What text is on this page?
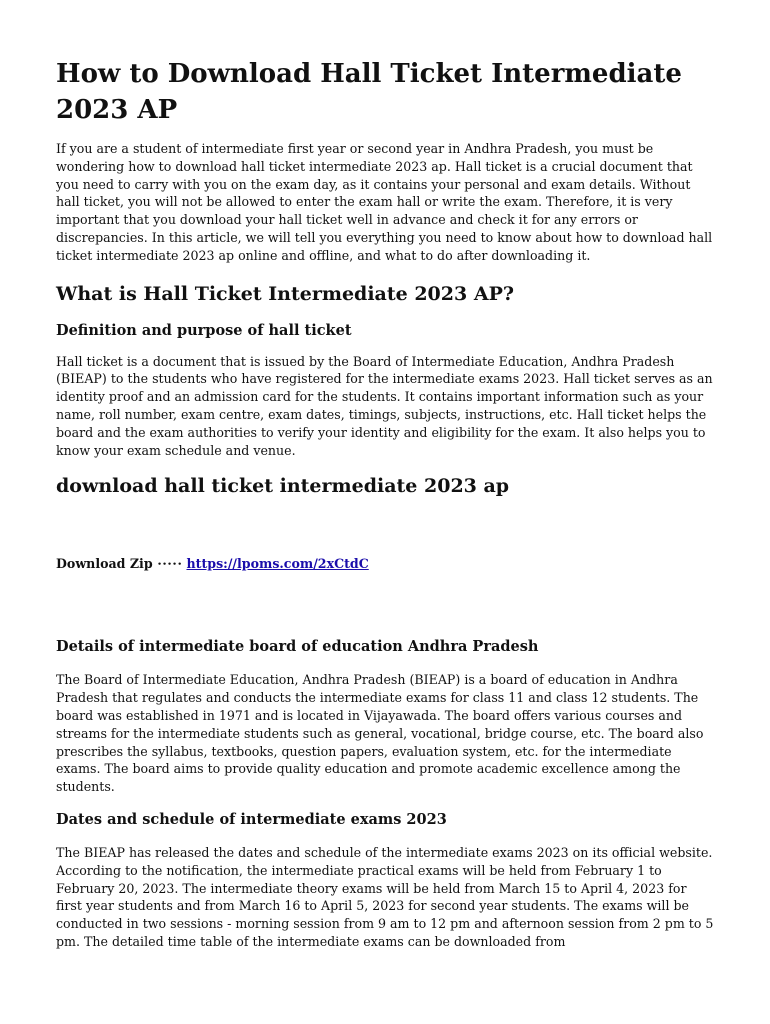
How to Download Hall Ticket Intermediate 2023 AP

If you are a student of intermediate first year or second year in Andhra Pradesh, you must be wondering how to download hall ticket intermediate 2023 ap. Hall ticket is a crucial document that you need to carry with you on the exam day, as it contains your personal and exam details. Without hall ticket, you will not be allowed to enter the exam hall or write the exam. Therefore, it is very important that you download your hall ticket well in advance and check it for any errors or discrepancies. In this article, we will tell you everything you need to know about how to download hall ticket intermediate 2023 ap online and offline, and what to do after downloading it.

What is Hall Ticket Intermediate 2023 AP?
Definition and purpose of hall ticket

Hall ticket is a document that is issued by the Board of Intermediate Education, Andhra Pradesh (BIEAP) to the students who have registered for the intermediate exams 2023. Hall ticket serves as an identity proof and an admission card for the students. It contains important information such as your name, roll number, exam centre, exam dates, timings, subjects, instructions, etc. Hall ticket helps the board and the exam authorities to verify your identity and eligibility for the exam. It also helps you to know your exam schedule and venue.

download hall ticket intermediate 2023 ap
Download Zip ⋅⋅⋅⋅⋅ https://lpoms.com/2xCtdC
Details of intermediate board of education Andhra Pradesh

The Board of Intermediate Education, Andhra Pradesh (BIEAP) is a board of education in Andhra Pradesh that regulates and conducts the intermediate exams for class 11 and class 12 students. The board was established in 1971 and is located in Vijayawada. The board offers various courses and streams for the intermediate students such as general, vocational, bridge course, etc. The board also prescribes the syllabus, textbooks, question papers, evaluation system, etc. for the intermediate exams. The board aims to provide quality education and promote academic excellence among the students.

Dates and schedule of intermediate exams 2023

The BIEAP has released the dates and schedule of the intermediate exams 2023 on its official website. According to the notification, the intermediate practical exams will be held from February 1 to February 20, 2023. The intermediate theory exams will be held from March 15 to April 4, 2023 for first year students and from March 16 to April 5, 2023 for second year students. The exams will be conducted in two sessions - morning session from 9 am to 12 pm and afternoon session from 2 pm to 5 pm. The detailed time table of the intermediate exams can be downloaded from
